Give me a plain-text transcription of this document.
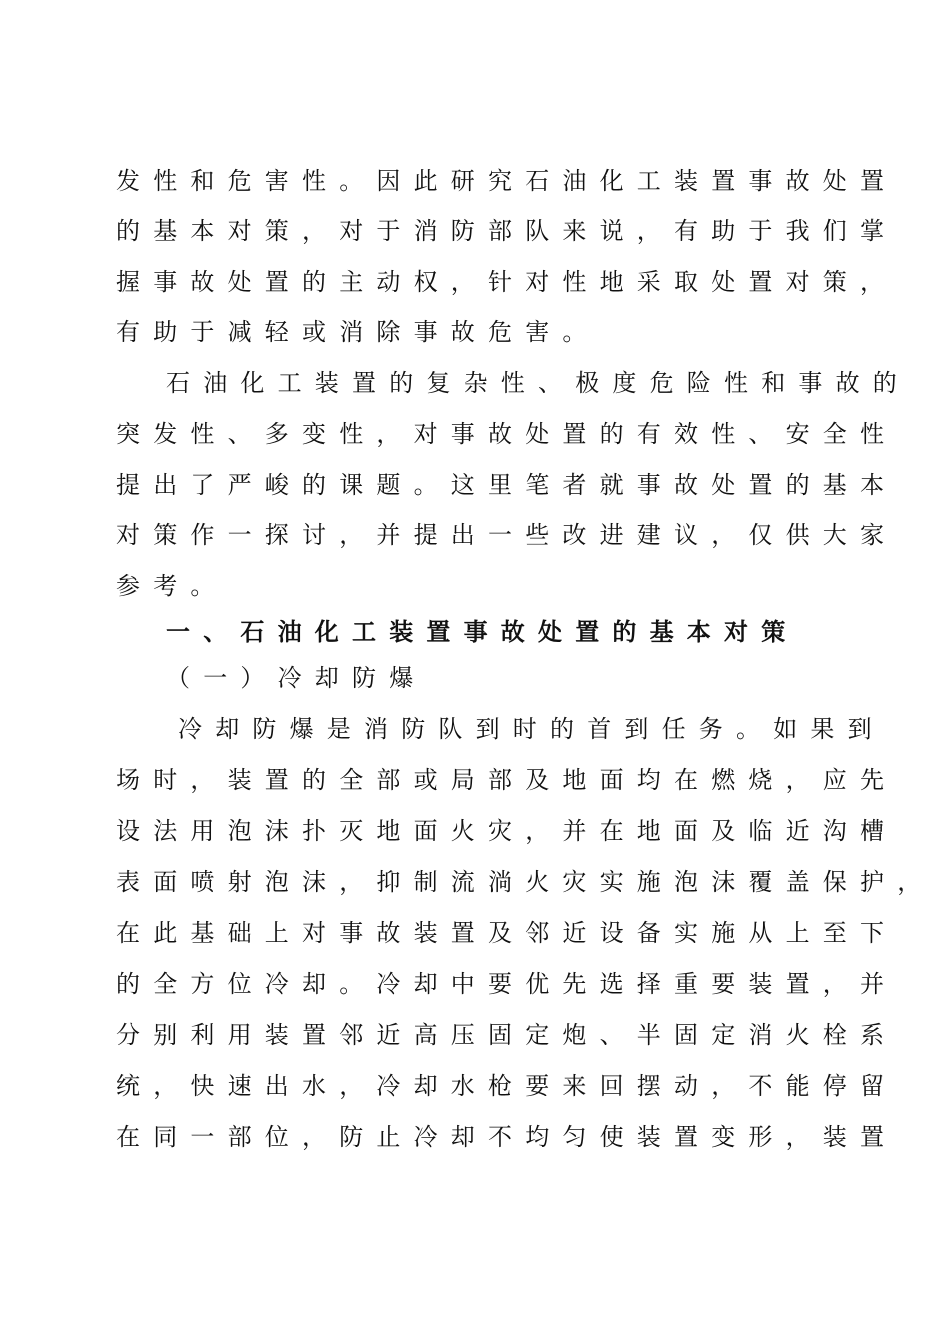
发性和危害性。因此研究石油化工装置事故处置
的基本对策，对于消防部队来说，有助于我们掌
握事故处置的主动权，针对性地采取处置对策，
有助于减轻或消除事故危害。
石油化工装置的复杂性、极度危险性和事故的
突发性、多变性，对事故处置的有效性、安全性
提出了严峻的课题。这里笔者就事故处置的基本
对策作一探讨，并提出一些改进建议，仅供大家
参考。
一、石油化工装置事故处置的基本对策
（一）冷却防爆
冷却防爆是消防队到时的首到任务。如果到
场时，装置的全部或局部及地面均在燃烧，应先
设法用泡沫扑灭地面火灾，并在地面及临近沟槽
表面喷射泡沫，抑制流淌火灾实施泡沫覆盖保护，
在此基础上对事故装置及邻近设备实施从上至下
的全方位冷却。冷却中要优先选择重要装置，并
分别利用装置邻近高压固定炮、半固定消火栓系
统，快速出水，冷却水枪要来回摆动，不能停留
在同一部位，防止冷却不均匀使装置变形，装置
